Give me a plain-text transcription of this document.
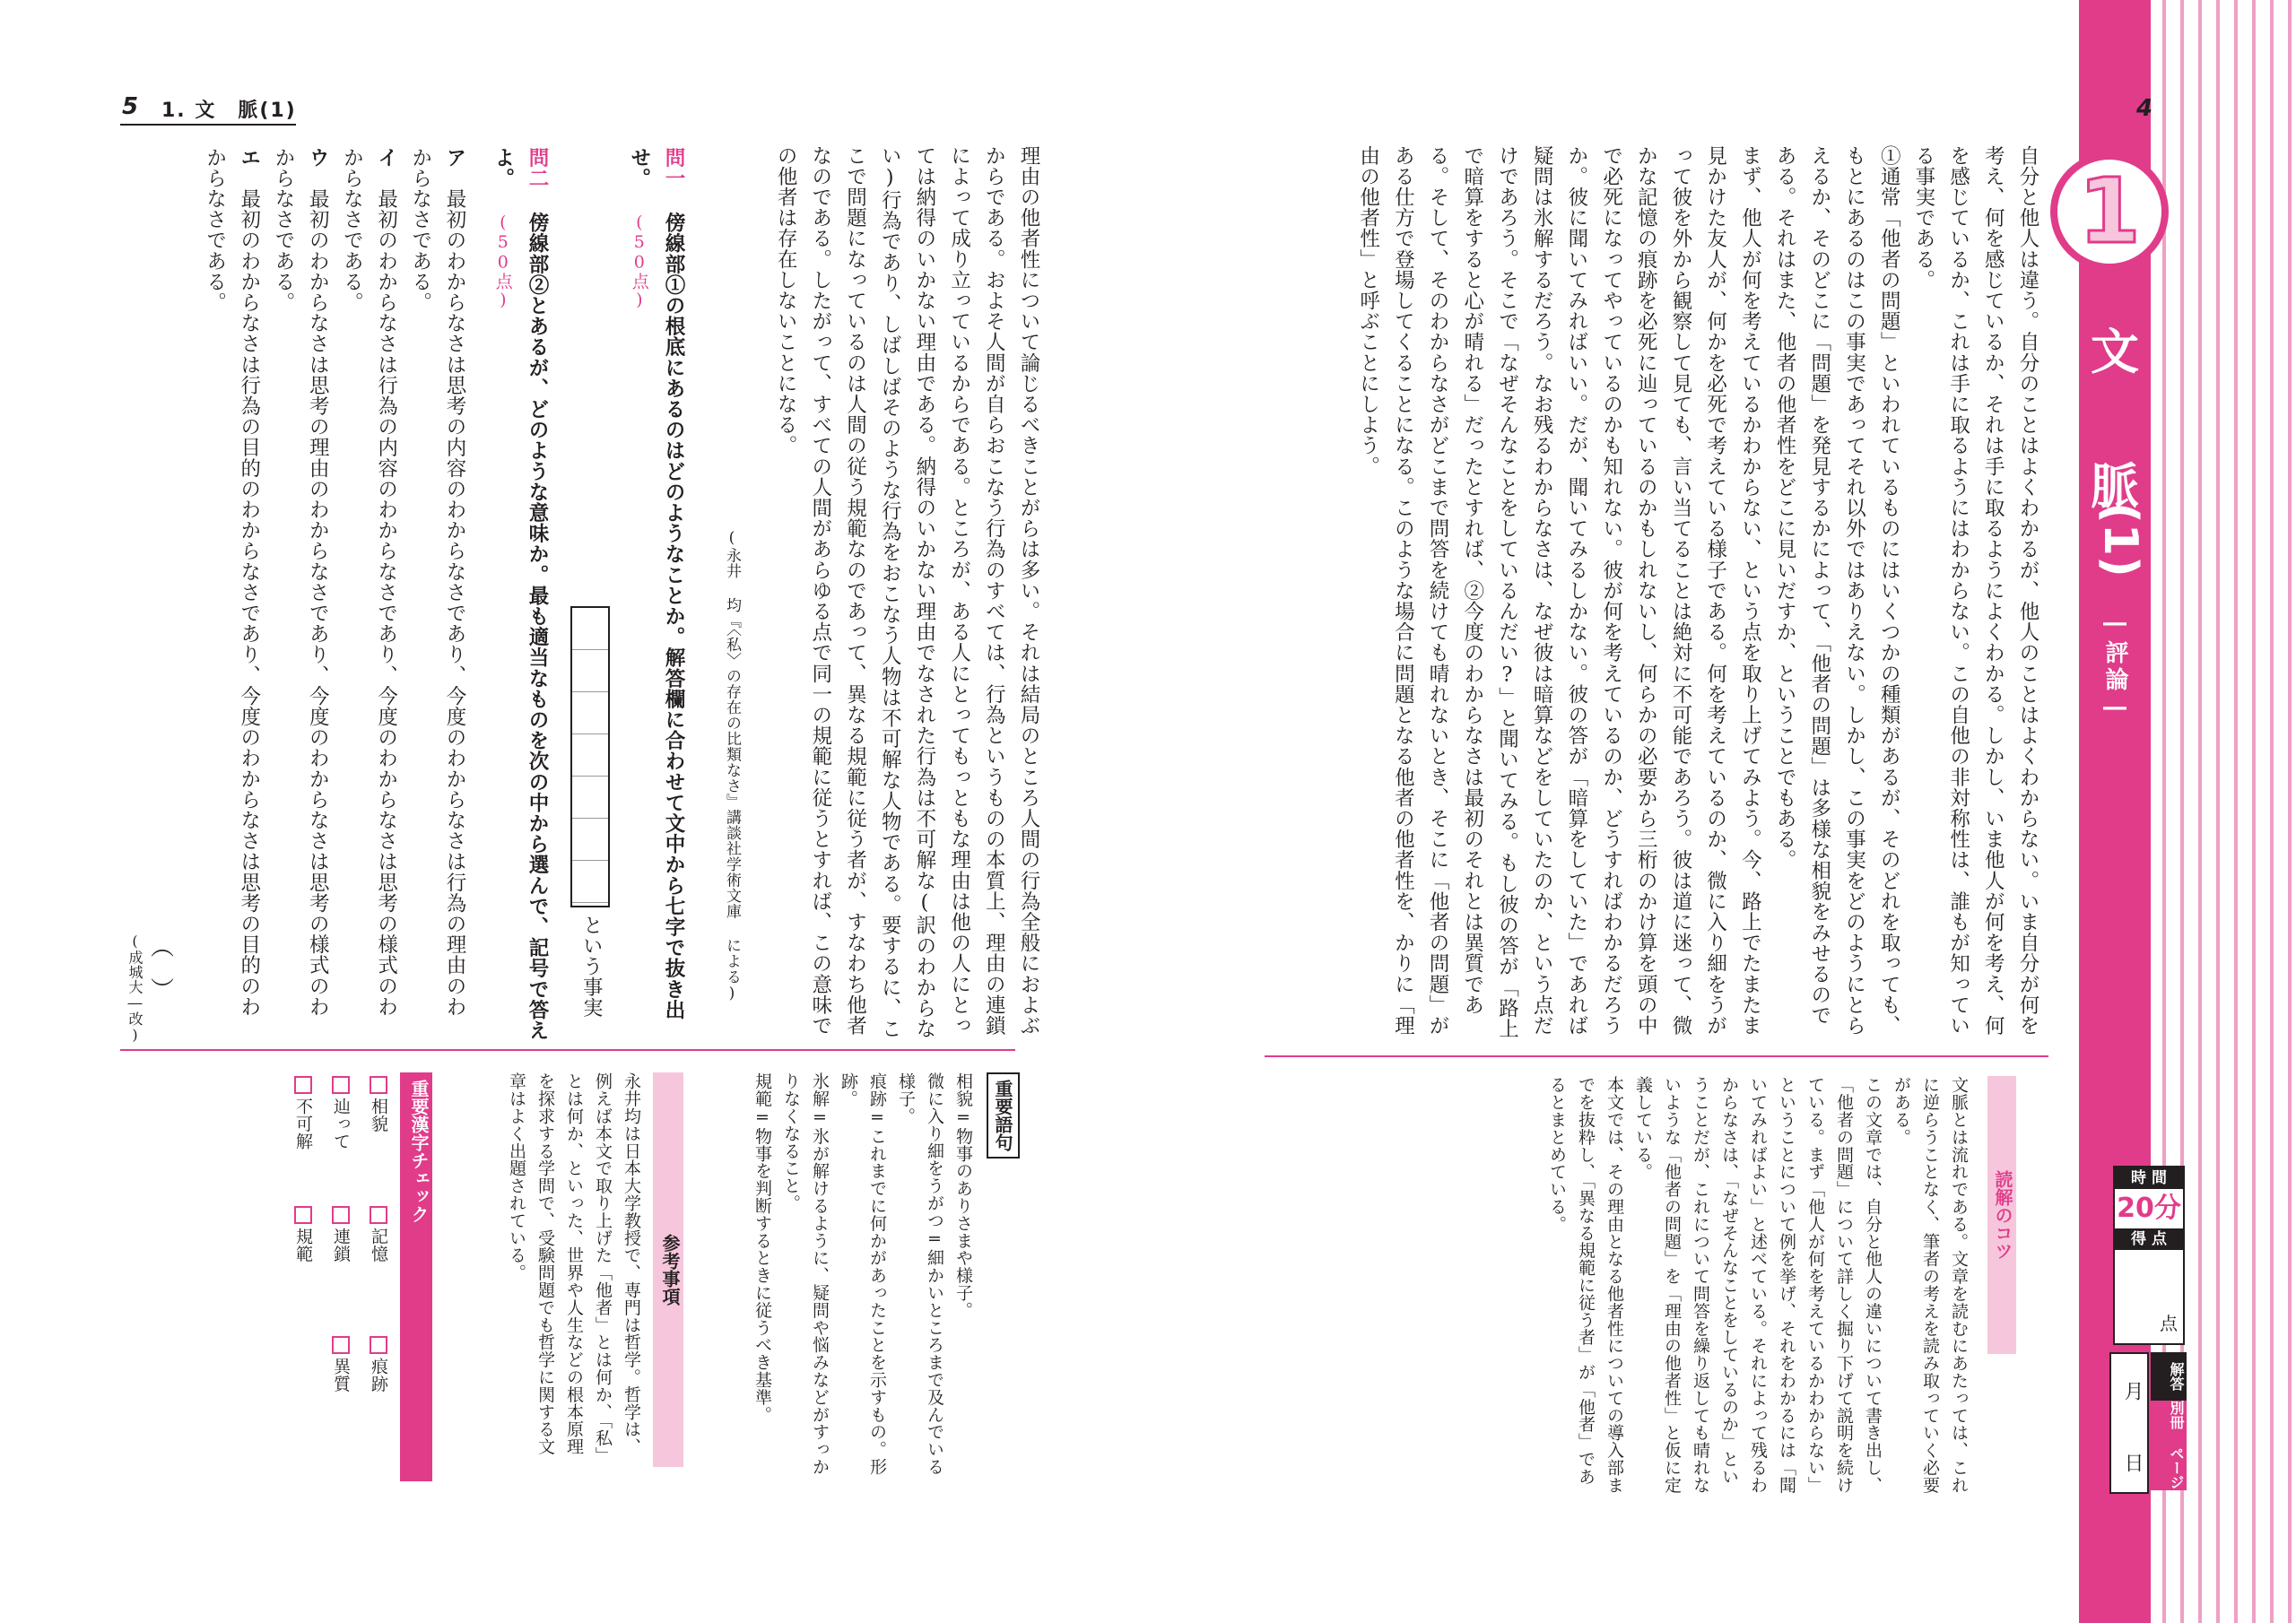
5 1. 文　脈(1)	4
1
文
脈
(1)
―評論―
時 間
20分
得 点
点
解答
別冊 ページ
月
日
自分と他人は違う。自分のことはよくわかるが、他人のことはよくわからない。いま自分が何を考え、何を感じているか、それは手に取るようによくわかる。しかし、いま他人が何を考え、何を感じているか、これは手に取るようにはわからない。この自他の非対称性は、誰もが知っている事実である。
①通常「他者の問題」といわれているものにはいくつかの種類があるが、そのどれを取っても、もとにあるのはこの事実であってそれ以外ではありえない。しかし、この事実をどのようにとらえるか、そのどこに「問題」を発見するかによって、「他者の問題」は多様な相貌をみせるのである。それはまた、他者の他者性をどこに見いだすか、ということでもある。
まず、他人が何を考えているかわからない、という点を取り上げてみよう。今、路上でたまたま見かけた友人が、何かを必死で考えている様子である。何を考えているのか、微に入り細をうがって彼を外から観察して見ても、言い当てることは絶対に不可能であろう。彼は道に迷って、微かな記憶の痕跡を必死に辿っているのかもしれないし、何らかの必要から三桁のかけ算を頭の中で必死になってやっているのかも知れない。彼が何を考えているのか、どうすればわかるだろうか。彼に聞いてみればいい。だが、聞いてみるしかない。彼の答が「暗算をしていた」であれば疑問は氷解するだろう。なお残るわからなさは、なぜ彼は暗算などをしていたのか、という点だけであろう。そこで「なぜそんなことをしているんだい?」と聞いてみる。もし彼の答が「路上で暗算をすると心が晴れる」だったとすれば、②今度のわからなさは最初のそれとは異質である。そして、そのわからなさがどこまで問答を続けても晴れないとき、そこに「他者の問題」がある仕方で登場してくることになる。このような場合に問題となる他者の他者性を、かりに「理由の他者性」と呼ぶことにしよう。
理由の他者性について論じるべきことがらは多い。それは結局のところ人間の行為全般におよぶからである。およそ人間が自らおこなう行為のすべては、行為というものの本質上、理由の連鎖によって成り立っているからである。ところが、ある人にとってもっともな理由は他の人にとっては納得のいかない理由である。納得のいかない理由でなされた行為は不可解な(訳のわからない)行為であり、しばしばそのような行為をおこなう人物は不可解な人物である。要するに、ここで問題になっているのは人間の従う規範なのであって、異なる規範に従う者が、すなわち他者なのである。したがって、すべての人間があらゆる点で同一の規範に従うとすれば、この意味での他者は存在しないことになる。
(永井 均『〈私〉の存在の比類なさ』講談社学術文庫 による)
問一 傍線部①の根底にあるのはどのようなことか。解答欄に合わせて文中から七字で抜き出せ。 (50点)
という事実
問二 傍線部②とあるが、どのような意味か。最も適当なものを次の中から選んで、記号で答えよ。 (50点)
ア　最初のわからなさは思考の内容のわからなさであり、今度のわからなさは行為の理由のわからなさである。
イ　最初のわからなさは行為の内容のわからなさであり、今度のわからなさは思考の様式のわからなさである。
ウ　最初のわからなさは思考の理由のわからなさであり、今度のわからなさは思考の様式のわからなさである。
エ　最初のわからなさは行為の目的のわからなさであり、今度のわからなさは思考の目的のわからなさである。
︵
︶
(成城大―改)
読解のコツ
文脈とは流れである。文章を読むにあたっては、これに逆らうことなく、筆者の考えを読み取っていく必要がある。
この文章では、自分と他人の違いについて書き出し、「他者の問題」について詳しく掘り下げて説明を続けている。まず「他人が何を考えているかわからない」ということについて例を挙げ、それをわかるには「聞いてみればよい」と述べている。それによって残るわからなさは、「なぜそんなことをしているのか」ということだが、これについて問答を繰り返しても晴れないような「他者の問題」を「理由の他者性」と仮に定義している。
本文では、その理由となる他者性についての導入部までを抜粋し、「異なる規範に従う者」が「他者」であるとまとめている。
重要語句
相貌=物事のありさまや様子。
微に入り細をうがつ=細かいところまで及んでいる様子。
痕跡=これまでに何かがあったことを示すもの。形跡。
氷解=氷が解けるように、疑問や悩みなどがすっかりなくなること。
規範=物事を判断するときに従うべき基準。
参考事項
永井均は日本大学教授で、専門は哲学。哲学は、例えば本文で取り上げた「他者」とは何か、「私」とは何か、といった、世界や人生などの根本原理を探求する学問で、受験問題でも哲学に関する文章はよく出題されている。
重要漢字チェック
相貌
記憶
痕跡
辿って
連鎖
異質
不可解
規範
